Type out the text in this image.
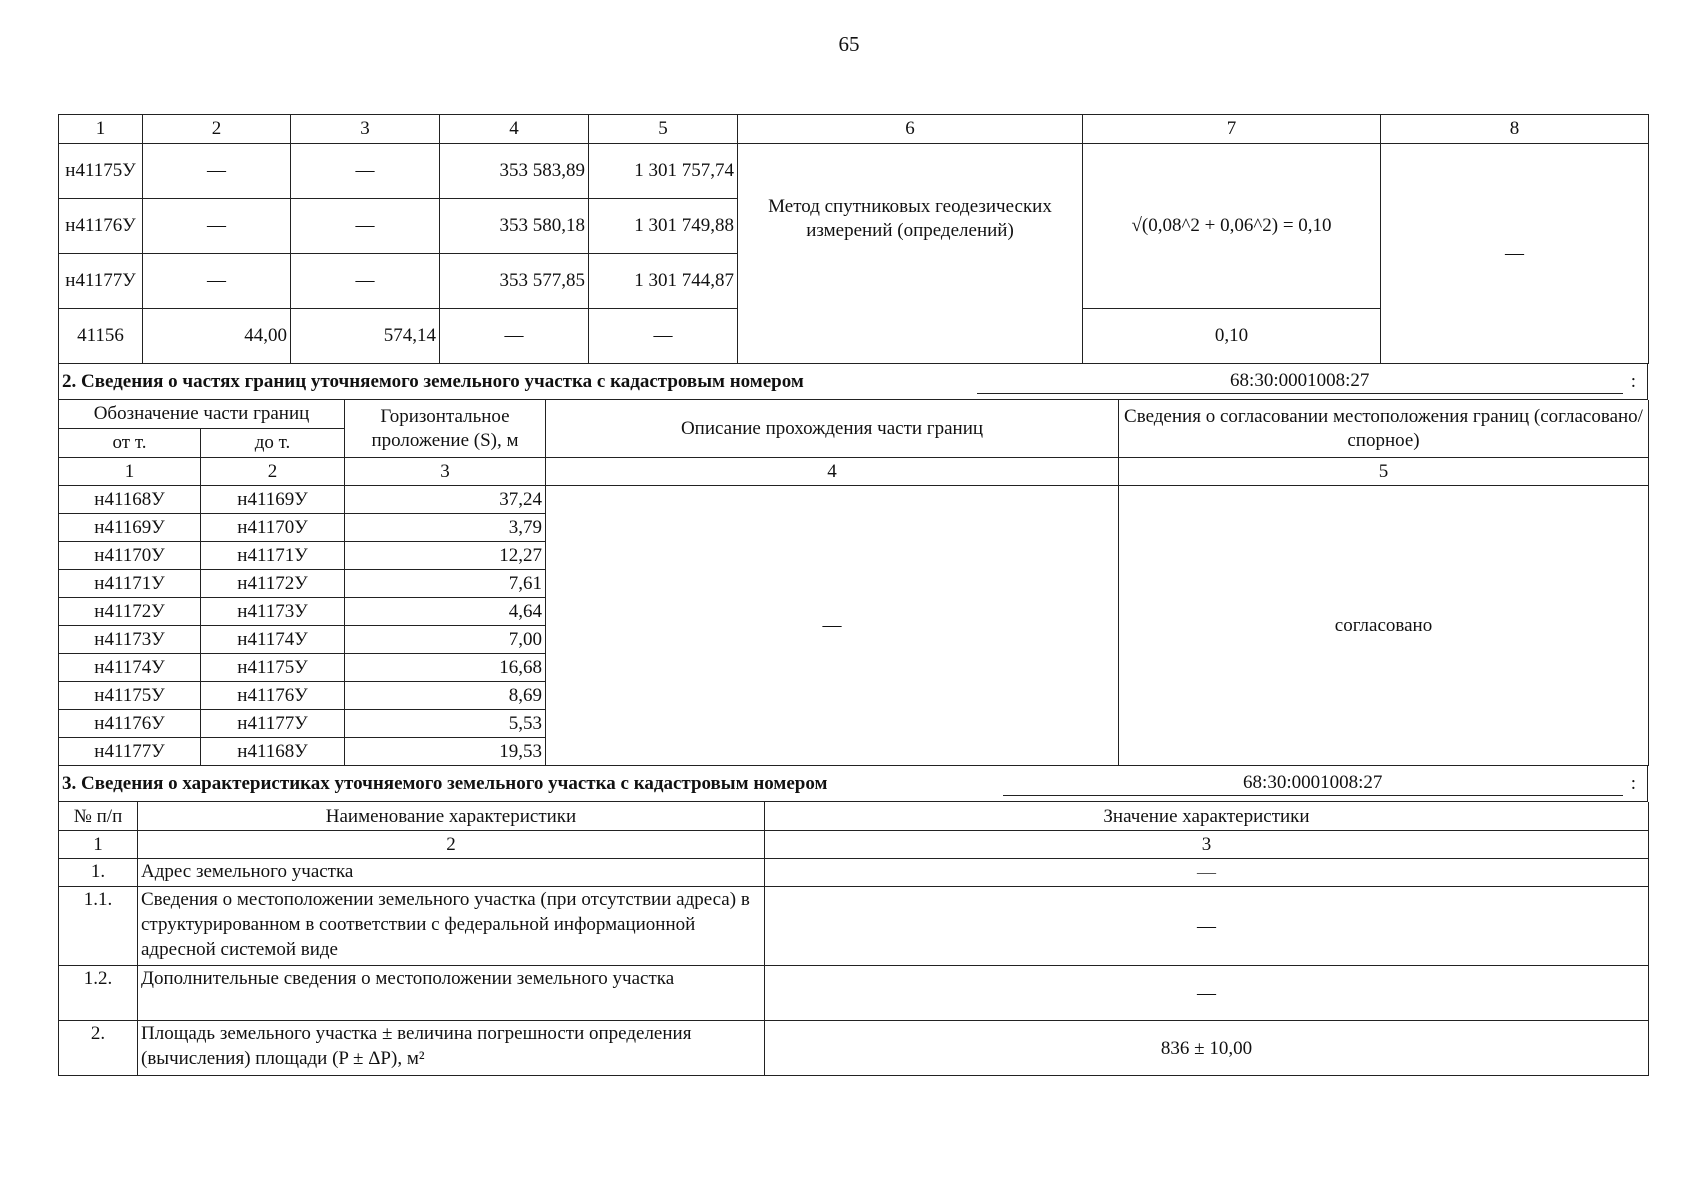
65
1	2	3	4	5	6	7	8
н41175У	—	—	353 583,89	1 301 757,74	Метод спутниковых геодезических измерений (определений)	√(0,08^2 + 0,06^2) = 0,10	—
н41176У	—	—	353 580,18	1 301 749,88			
н41177У	—	—	353 577,85	1 301 744,87			
41156	44,00	574,14	—	—		0,10	
2. Сведения о частях границ уточняемого земельного участка с кадастровым номером	68:30:0001008:27	:
Обозначение части границ		Горизонтальное проложение (S), м	Описание прохождения части границ	Сведения о согласовании местоположения границ (согласовано/спорное)
от т.	до т.			
1	2	3	4	5
н41168У	н41169У	37,24	—	согласовано
н41169У	н41170У	3,79		
н41170У	н41171У	12,27		
н41171У	н41172У	7,61		
н41172У	н41173У	4,64		
н41173У	н41174У	7,00		
н41174У	н41175У	16,68		
н41175У	н41176У	8,69		
н41176У	н41177У	5,53		
н41177У	н41168У	19,53		
3. Сведения о характеристиках уточняемого земельного участка с кадастровым номером	68:30:0001008:27	:
№ п/п	Наименование характеристики	Значение характеристики
1	2	3
1.	Адрес земельного участка	—
1.1.	Сведения о местоположении земельного участка (при отсутствии адреса) в структурированном в соответствии с федеральной информационной адресной системой виде	—
1.2.	Дополнительные сведения о местоположении земельного участка	—
2.	Площадь земельного участка ± величина погрешности определения (вычисления) площади (P ± ΔP), м²	836 ± 10,00
